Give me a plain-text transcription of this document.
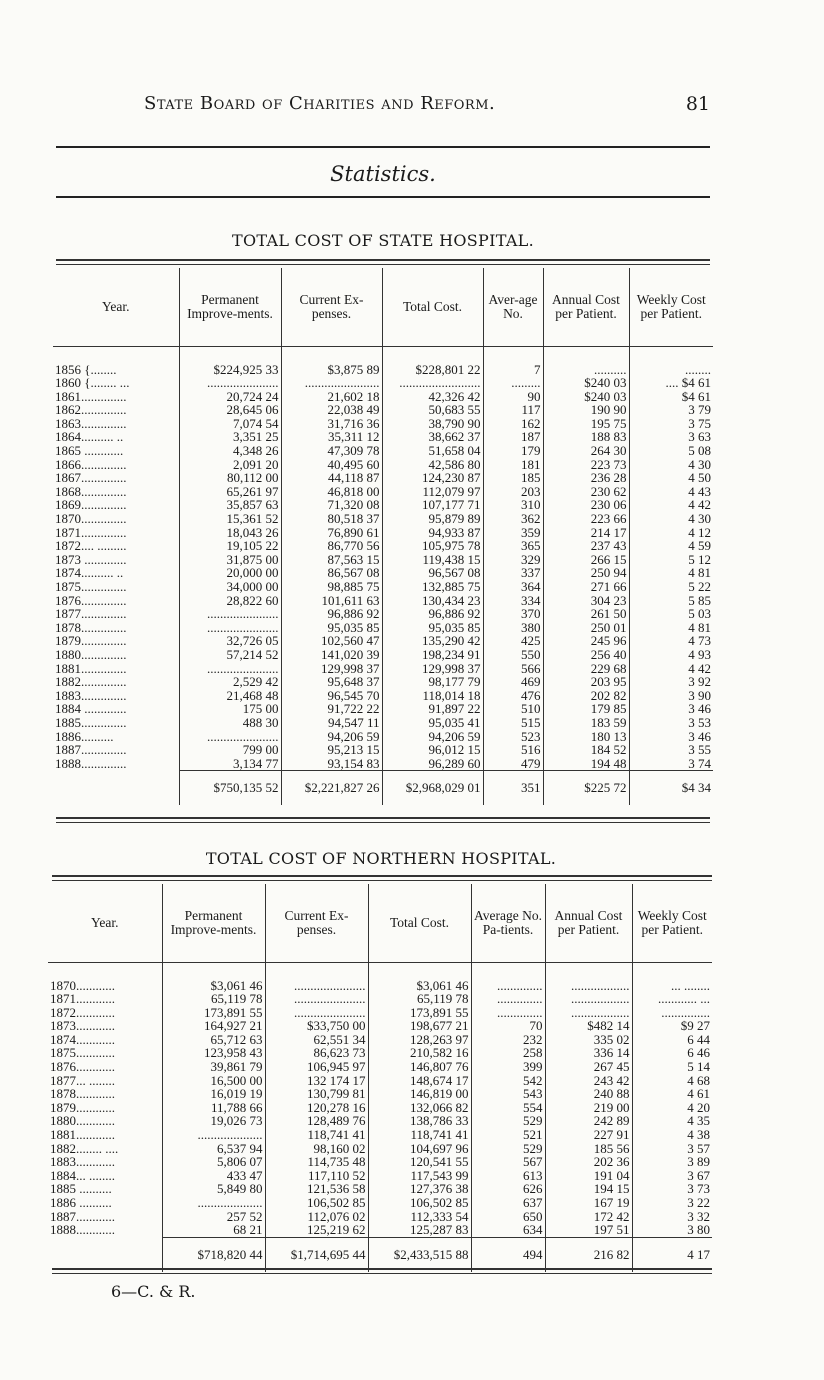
State Board of Charities and Reform.	81
Statistics.
TOTAL COST OF STATE HOSPITAL.
Year.	Permanent Improve-ments.	Current Ex-penses.	Total Cost.	Aver-age No.	Annual Cost per Patient.	Weekly Cost per Patient.

1856 {........	$224,925 33	$3,875 89	$228,801 22	7	..........	........
1860 {........ ...	......................	.......................	.........................	.........	$240 03	.... $4 61
1861..............	20,724 24	21,602 18	42,326 42	90	$240 03	$4 61
1862..............	28,645 06	22,038 49	50,683 55	117	190 90	3 79
1863..............	7,074 54	31,716 36	38,790 90	162	195 75	3 75
1864.......... ..	3,351 25	35,311 12	38,662 37	187	188 83	3 63
1865 ............	4,348 26	47,309 78	51,658 04	179	264 30	5 08
1866..............	2,091 20	40,495 60	42,586 80	181	223 73	4 30
1867..............	80,112 00	44,118 87	124,230 87	185	236 28	4 50
1868..............	65,261 97	46,818 00	112,079 97	203	230 62	4 43
1869..............	35,857 63	71,320 08	107,177 71	310	230 06	4 42
1870..............	15,361 52	80,518 37	95,879 89	362	223 66	4 30
1871..............	18,043 26	76,890 61	94,933 87	359	214 17	4 12
1872.... .........	19,105 22	86,770 56	105,975 78	365	237 43	4 59
1873 .............	31,875 00	87,563 15	119,438 15	329	266 15	5 12
1874.......... ..	20,000 00	86,567 08	96,567 08	337	250 94	4 81
1875..............	34,000 00	98,885 75	132,885 75	364	271 66	5 22
1876..............	28,822 60	101,611 63	130,434 23	334	304 23	5 85
1877..............	......................	96,886 92	96,886 92	370	261 50	5 03
1878..............	......................	95,035 85	95,035 85	380	250 01	4 81
1879..............	32,726 05	102,560 47	135,290 42	425	245 96	4 73
1880..............	57,214 52	141,020 39	198,234 91	550	256 40	4 93
1881..............	......................	129,998 37	129,998 37	566	229 68	4 42
1882..............	2,529 42	95,648 37	98,177 79	469	203 95	3 92
1883..............	21,468 48	96,545 70	118,014 18	476	202 82	3 90
1884 .............	175 00	91,722 22	91,897 22	510	179 85	3 46
1885..............	488 30	94,547 11	95,035 41	515	183 59	3 53
1886..........	......................	94,206 59	94,206 59	523	180 13	3 46
1887..............	799 00	95,213 15	96,012 15	516	184 52	3 55
1888..............	3,134 77	93,154 83	96,289 60	479	194 48	3 74
	$750,135 52	$2,221,827 26	$2,968,029 01	351	$225 72	$4 34
TOTAL COST OF NORTHERN HOSPITAL.
Year.	Permanent Improve-ments.	Current Ex-penses.	Total Cost.	Average No. Pa-tients.	Annual Cost per Patient.	Weekly Cost per Patient.

1870............	$3,061 46	......................	$3,061 46	..............	..................	... ........
1871............	65,119 78	......................	65,119 78	..............	..................	............ ...
1872............	173,891 55	......................	173,891 55	..............	..................	...............
1873............	164,927 21	$33,750 00	198,677 21	70	$482 14	$9 27
1874............	65,712 63	62,551 34	128,263 97	232	335 02	6 44
1875............	123,958 43	86,623 73	210,582 16	258	336 14	6 46
1876............	39,861 79	106,945 97	146,807 76	399	267 45	5 14
1877... ........	16,500 00	132 174 17	148,674 17	542	243 42	4 68
1878............	16,019 19	130,799 81	146,819 00	543	240 88	4 61
1879............	11,788 66	120,278 16	132,066 82	554	219 00	4 20
1880............	19,026 73	128,489 76	138,786 33	529	242 89	4 35
1881............	....................	118,741 41	118,741 41	521	227 91	4 38
1882........ ....	6,537 94	98,160 02	104,697 96	529	185 56	3 57
1883............	5,806 07	114,735 48	120,541 55	567	202 36	3 89
1884... ........	433 47	117,110 52	117,543 99	613	191 04	3 67
1885 ..........	5,849 80	121,536 58	127,376 38	626	194 15	3 73
1886 ..........	....................	106,502 85	106,502 85	637	167 19	3 22
1887............	257 52	112,076 02	112,333 54	650	172 42	3 32
1888............	68 21	125,219 62	125,287 83	634	197 51	3 80
	$718,820 44	$1,714,695 44	$2,433,515 88	494	216 82	4 17
6—C. & R.
